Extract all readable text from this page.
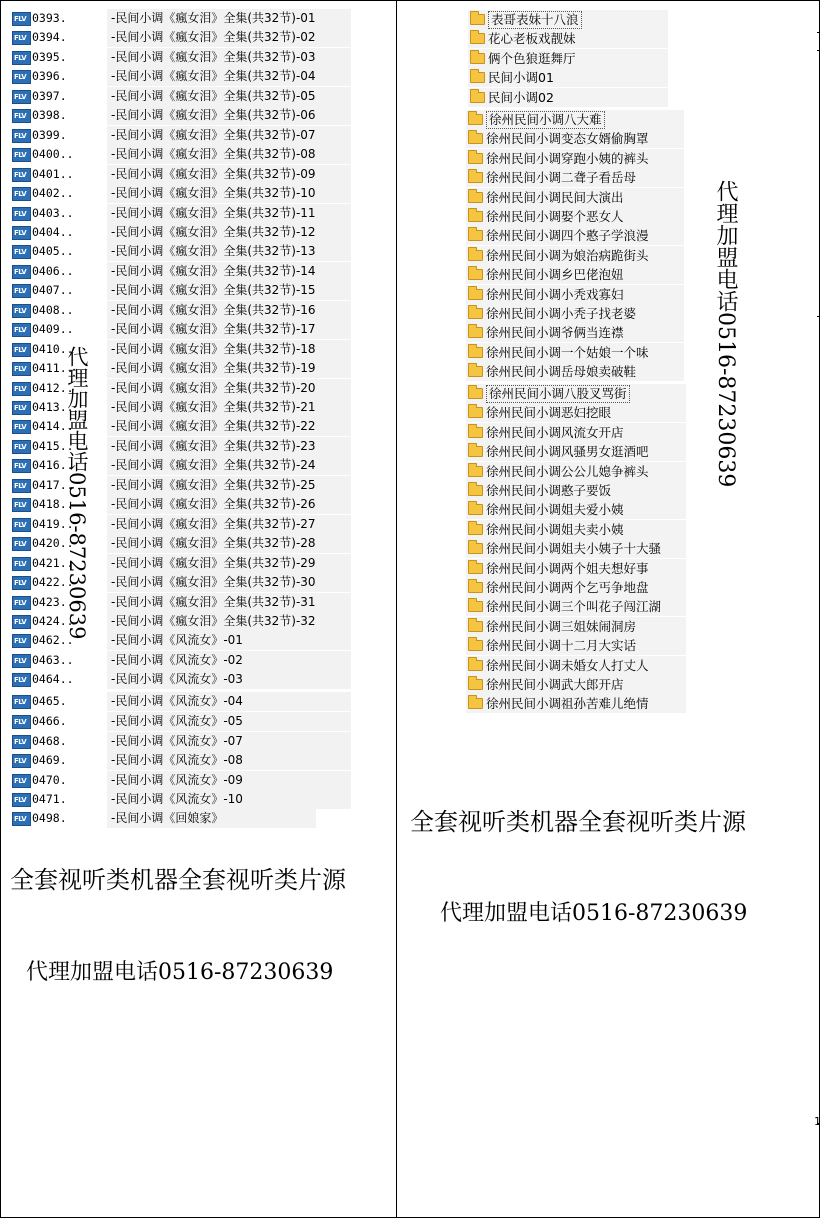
FLV
0393.	-民间小调《瘋女泪》全集(共32节)-01
FLV
0394.	-民间小调《瘋女泪》全集(共32节)-02
FLV
0395.	-民间小调《瘋女泪》全集(共32节)-03
FLV
0396.	-民间小调《瘋女泪》全集(共32节)-04
FLV
0397.	-民间小调《瘋女泪》全集(共32节)-05
FLV
0398.	-民间小调《瘋女泪》全集(共32节)-06
FLV
0399.	-民间小调《瘋女泪》全集(共32节)-07
FLV
0400..	-民间小调《瘋女泪》全集(共32节)-08
FLV
0401..	-民间小调《瘋女泪》全集(共32节)-09
FLV
0402..	-民间小调《瘋女泪》全集(共32节)-10
FLV
0403..	-民间小调《瘋女泪》全集(共32节)-11
FLV
0404..	-民间小调《瘋女泪》全集(共32节)-12
FLV
0405..	-民间小调《瘋女泪》全集(共32节)-13
FLV
0406..	-民间小调《瘋女泪》全集(共32节)-14
FLV
0407..	-民间小调《瘋女泪》全集(共32节)-15
FLV
0408..	-民间小调《瘋女泪》全集(共32节)-16
FLV
0409..	-民间小调《瘋女泪》全集(共32节)-17
FLV
0410..	-民间小调《瘋女泪》全集(共32节)-18
FLV
0411..	-民间小调《瘋女泪》全集(共32节)-19
FLV
0412..	-民间小调《瘋女泪》全集(共32节)-20
FLV
0413..	-民间小调《瘋女泪》全集(共32节)-21
FLV
0414..	-民间小调《瘋女泪》全集(共32节)-22
FLV
0415..	-民间小调《瘋女泪》全集(共32节)-23
FLV
0416..	-民间小调《瘋女泪》全集(共32节)-24
FLV
0417..	-民间小调《瘋女泪》全集(共32节)-25
FLV
0418..	-民间小调《瘋女泪》全集(共32节)-26
FLV
0419..	-民间小调《瘋女泪》全集(共32节)-27
FLV
0420..	-民间小调《瘋女泪》全集(共32节)-28
FLV
0421..	-民间小调《瘋女泪》全集(共32节)-29
FLV
0422..	-民间小调《瘋女泪》全集(共32节)-30
FLV
0423..	-民间小调《瘋女泪》全集(共32节)-31
FLV
0424..	-民间小调《瘋女泪》全集(共32节)-32
FLV
0462..	-民间小调《风流女》-01
FLV
0463..	-民间小调《风流女》-02
FLV
0464..	-民间小调《风流女》-03
FLV
0465.	-民间小调《风流女》-04
FLV
0466.	-民间小调《风流女》-05
FLV
0468.	-民间小调《风流女》-07
FLV
0469.	-民间小调《风流女》-08
FLV
0470.	-民间小调《风流女》-09
FLV
0471.	-民间小调《风流女》-10
FLV
0498.	-民间小调《回娘家》
表哥表妹十八浪
花心老板戏靓妹
俩个色狼逛舞厅
民间小调01
民间小调02
徐州民间小调八大难
徐州民间小调变态女婿偷胸罩
徐州民间小调穿跑小姨的裤头
徐州民间小调二聋子看岳母
徐州民间小调民间大演出
徐州民间小调娶个恶女人
徐州民间小调四个憨子学浪漫
徐州民间小调为娘治病跪街头
徐州民间小调乡巴佬泡妞
徐州民间小调小秃戏寡妇
徐州民间小调小秃子找老婆
徐州民间小调爷俩当连襟
徐州民间小调一个姑娘一个味
徐州民间小调岳母娘卖破鞋
徐州民间小调八股叉骂街
徐州民间小调恶妇挖眼
徐州民间小调风流女开店
徐州民间小调风骚男女逛酒吧
徐州民间小调公公儿媳争裤头
徐州民间小调憨子要饭
徐州民间小调姐夫爱小姨
徐州民间小调姐夫卖小姨
徐州民间小调姐夫小姨子十大骚
徐州民间小调两个姐夫想好事
徐州民间小调两个乞丐争地盘
徐州民间小调三个叫花子闯江湖
徐州民间小调三姐妹闹洞房
徐州民间小调十二月大实话
徐州民间小调未婚女人打丈人
徐州民间小调武大郎开店
徐州民间小调祖孙苦难儿绝情
代理加盟电话0516-87230639
代理加盟电话0516-87230639
全套视听类机器全套视听类片源
代理加盟电话0516-87230639
全套视听类机器全套视听类片源
代理加盟电话0516-87230639
1
